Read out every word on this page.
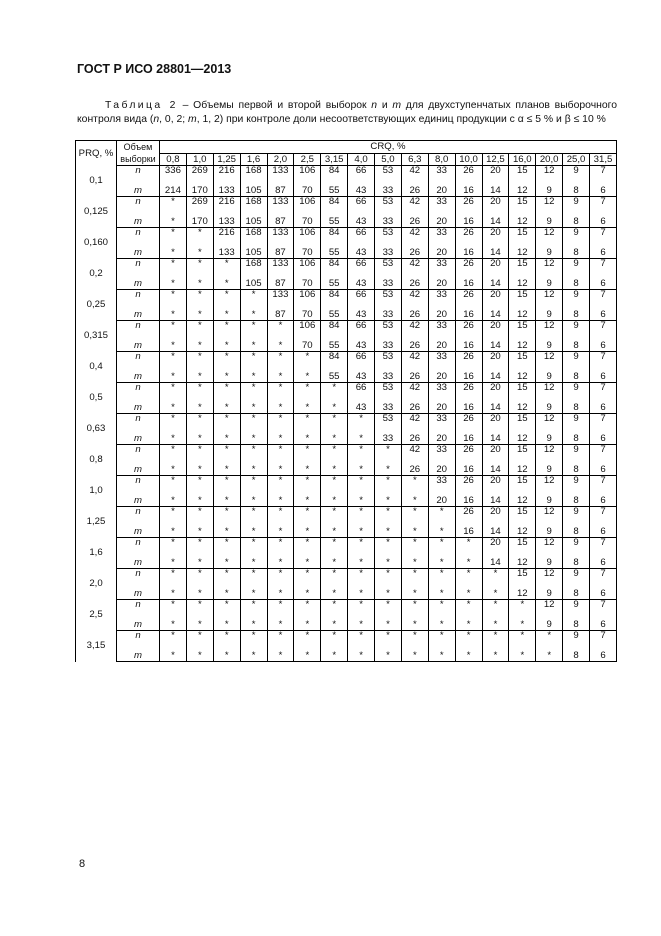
ГОСТ Р ИСО 28801—2013
Таблица 2 – Объемы первой и второй выборок n и m для двухступенчатых планов выборочного контроля вида (n, 0, 2; m, 1, 2) при контроле доли несоответствующих единиц продукции с α ≤ 5 % и β ≤ 10 %
PRQ, %	Объем выборки	CRQ, %																
		0,8	1,0	1,25	1,6	2,0	2,5	3,15	4,0	5,0	6,3	8,0	10,0	12,5	16,0	20,0	25,0	31,5
0,1	n	336	269	216	168	133	106	84	66	53	42	33	26	20	15	12	9	7

	m	214	170	133	105	87	70	55	43	33	26	20	16	14	12	9	8	6
0,125	n	*	269	216	168	133	106	84	66	53	42	33	26	20	15	12	9	7

	m	*	170	133	105	87	70	55	43	33	26	20	16	14	12	9	8	6
0,160	n	*	*	216	168	133	106	84	66	53	42	33	26	20	15	12	9	7

	m	*	*	133	105	87	70	55	43	33	26	20	16	14	12	9	8	6
0,2	n	*	*	*	168	133	106	84	66	53	42	33	26	20	15	12	9	7

	m	*	*	*	105	87	70	55	43	33	26	20	16	14	12	9	8	6
0,25	n	*	*	*	*	133	106	84	66	53	42	33	26	20	15	12	9	7

	m	*	*	*	*	87	70	55	43	33	26	20	16	14	12	9	8	6
0,315	n	*	*	*	*	*	106	84	66	53	42	33	26	20	15	12	9	7

	m	*	*	*	*	*	70	55	43	33	26	20	16	14	12	9	8	6
0,4	n	*	*	*	*	*	*	84	66	53	42	33	26	20	15	12	9	7

	m	*	*	*	*	*	*	55	43	33	26	20	16	14	12	9	8	6
0,5	n	*	*	*	*	*	*	*	66	53	42	33	26	20	15	12	9	7

	m	*	*	*	*	*	*	*	43	33	26	20	16	14	12	9	8	6
0,63	n	*	*	*	*	*	*	*	*	53	42	33	26	20	15	12	9	7

	m	*	*	*	*	*	*	*	*	33	26	20	16	14	12	9	8	6
0,8	n	*	*	*	*	*	*	*	*	*	42	33	26	20	15	12	9	7

	m	*	*	*	*	*	*	*	*	*	26	20	16	14	12	9	8	6
1,0	n	*	*	*	*	*	*	*	*	*	*	33	26	20	15	12	9	7

	m	*	*	*	*	*	*	*	*	*	*	20	16	14	12	9	8	6
1,25	n	*	*	*	*	*	*	*	*	*	*	*	26	20	15	12	9	7

	m	*	*	*	*	*	*	*	*	*	*	*	16	14	12	9	8	6
1,6	n	*	*	*	*	*	*	*	*	*	*	*	*	20	15	12	9	7

	m	*	*	*	*	*	*	*	*	*	*	*	*	14	12	9	8	6
2,0	n	*	*	*	*	*	*	*	*	*	*	*	*	*	15	12	9	7

	m	*	*	*	*	*	*	*	*	*	*	*	*	*	12	9	8	6
2,5	n	*	*	*	*	*	*	*	*	*	*	*	*	*	*	12	9	7

	m	*	*	*	*	*	*	*	*	*	*	*	*	*	*	9	8	6
3,15	n	*	*	*	*	*	*	*	*	*	*	*	*	*	*	*	9	7

	m	*	*	*	*	*	*	*	*	*	*	*	*	*	*	*	8	6
8
